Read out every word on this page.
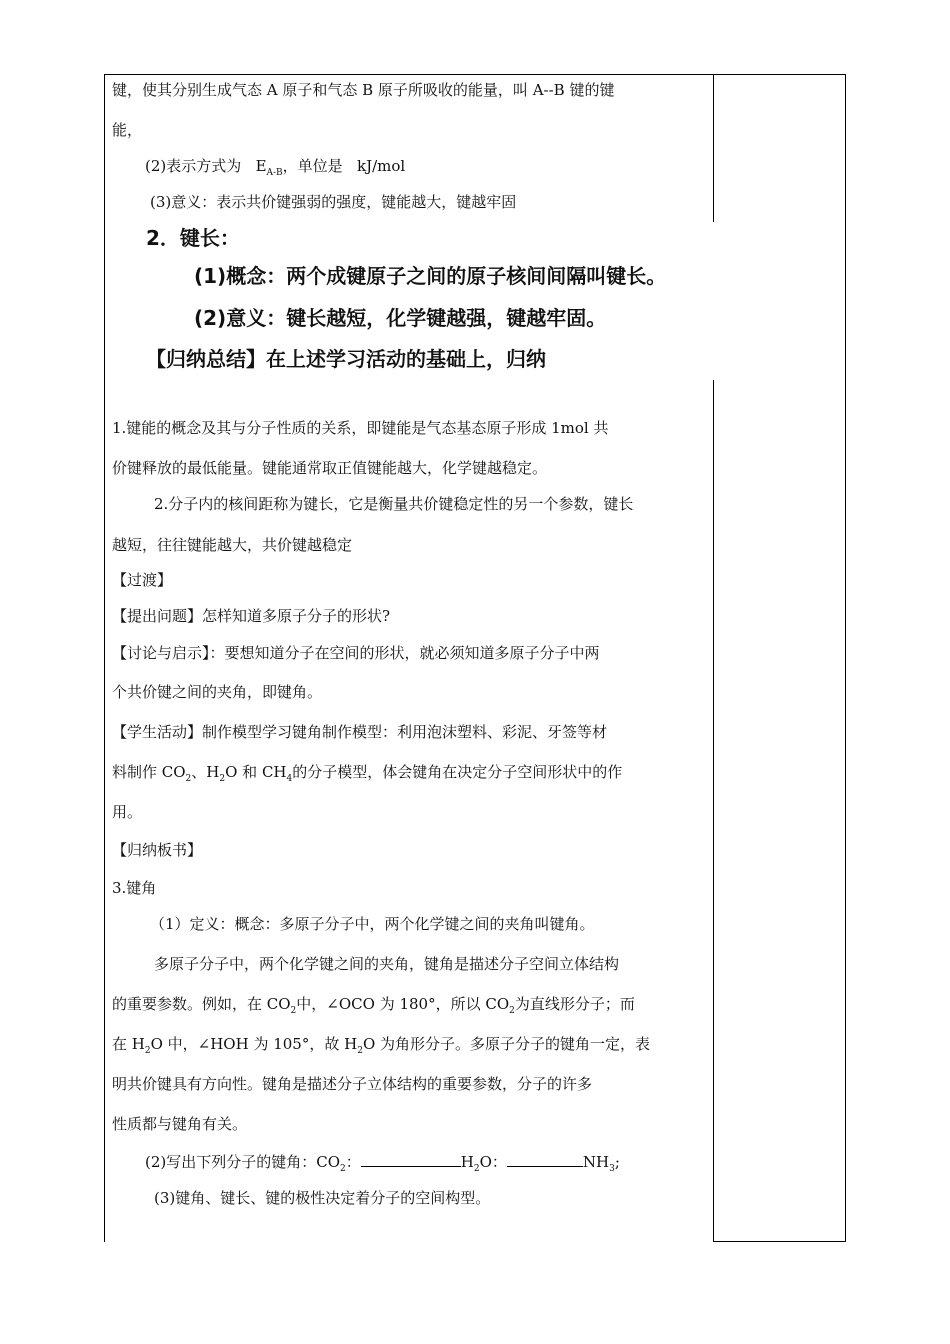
键，使其分别生成气态 A 原子和气态 B 原子所吸收的能量，叫 A--B 键的键
能，
(2)表示方式为 $E_{A-B}$，单位是 kJ/mol
(3)意义：表示共价键强弱的强度，键能越大，键越牢固
2．键长：
(1)概念：两个成键原子之间的原子核间间隔叫键长。
(2)意义：键长越短，化学键越强，键越牢固。
【归纳总结】在上述学习活动的基础上，归纳
1.键能的概念及其与分子性质的关系，即键能是气态基态原子形成 1mol 共
价键释放的最低能量。键能通常取正值键能越大，化学键越稳定。
2.分子内的核间距称为键长，它是衡量共价键稳定性的另一个参数，键长
越短，往往键能越大，共价键越稳定
【过渡】
【提出问题】怎样知道多原子分子的形状?
【讨论与启示】：要想知道分子在空间的形状，就必须知道多原子分子中两
个共价键之间的夹角，即键角。
【学生活动】制作模型学习键角制作模型：利用泡沫塑料、彩泥、牙签等材
料制作 $CO_2$、$H_2O$ 和 $CH_4$的分子模型，体会键角在决定分子空间形状中的作
用。
【归纳板书】
3.键角
（1）定义：概念：多原子分子中，两个化学键之间的夹角叫键角。
多原子分子中，两个化学键之间的夹角，键角是描述分子空间立体结构
的重要参数。例如，在 $CO_2$中，∠OCO 为 180°，所以 $CO_2$为直线形分子；而
在 $H_2O$ 中，∠HOH 为 105°，故 $H_2O$ 为角形分子。多原子分子的键角一定，表
明共价键具有方向性。键角是描述分子立体结构的重要参数，分子的许多
性质都与键角有关。
(2)写出下列分子的键角：$CO_2$：	$H_2O$：	$NH_3$;
(3)键角、键长、键的极性决定着分子的空间构型。
